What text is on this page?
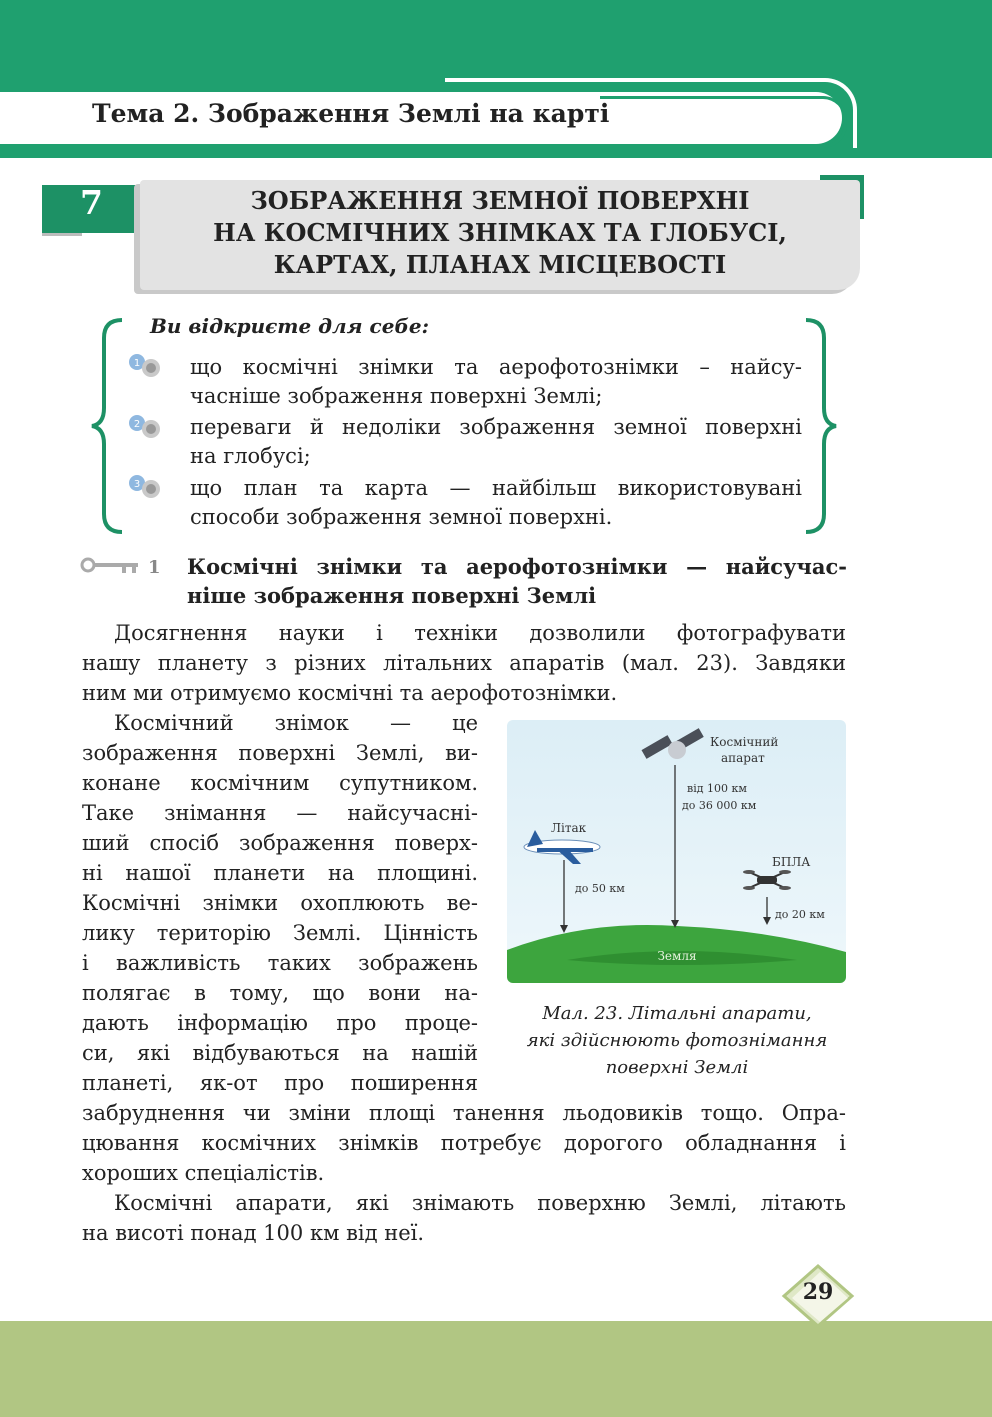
Тема 2. Зображення Землі на карті
7	ЗОБРАЖЕННЯ ЗЕМНОЇ ПОВЕРХНІ
НА КОСМІЧНИХ ЗНІМКАХ ТА ГЛОБУСІ,
КАРТАХ, ПЛАНАХ МІСЦЕВОСТІ
Ви відкриєте для себе:
1 що космічні знімки та аерофотознімки – найсу-
часніше зображення поверхні Землі;
2 переваги й недоліки зображення земної поверхні
на глобусі;
3 що план та карта — найбільш використовувані
способи зображення земної поверхні.
1 Космічні знімки та аерофотознімки — найсучас-
ніше зображення поверхні Землі
Досягнення науки і техніки дозволили фотографувати
нашу планету з різних літальних апаратів (мал. 23). Завдяки
ним ми отримуємо космічні та аерофотознімки.
Космічний знімок — це
зображення поверхні Землі, ви-
конане космічним супутником.
Таке знімання — найсучасні-
ший спосіб зображення поверх-
ні нашої планети на площині.
Космічні знімки охоплюють ве-
лику територію Землі. Цінність
і важливість таких зображень
полягає в тому, що вони на-
дають інформацію про проце-
си, які відбуваються на нашій
планеті, як-от про поширення
Земля
Космічний
апарат
від 100 км
до 36 000 км
Літак
до 50 км
БПЛА
до 20 км
Мал. 23. Літальні апарати,
які здійснюють фотознімання
поверхні Землі
забруднення чи зміни площі танення льодовиків тощо. Опра-
цювання космічних знімків потребує дорогого обладнання і
хороших спеціалістів.
Космічні апарати, які знімають поверхню Землі, літають
на висоті понад 100 км від неї.
29
